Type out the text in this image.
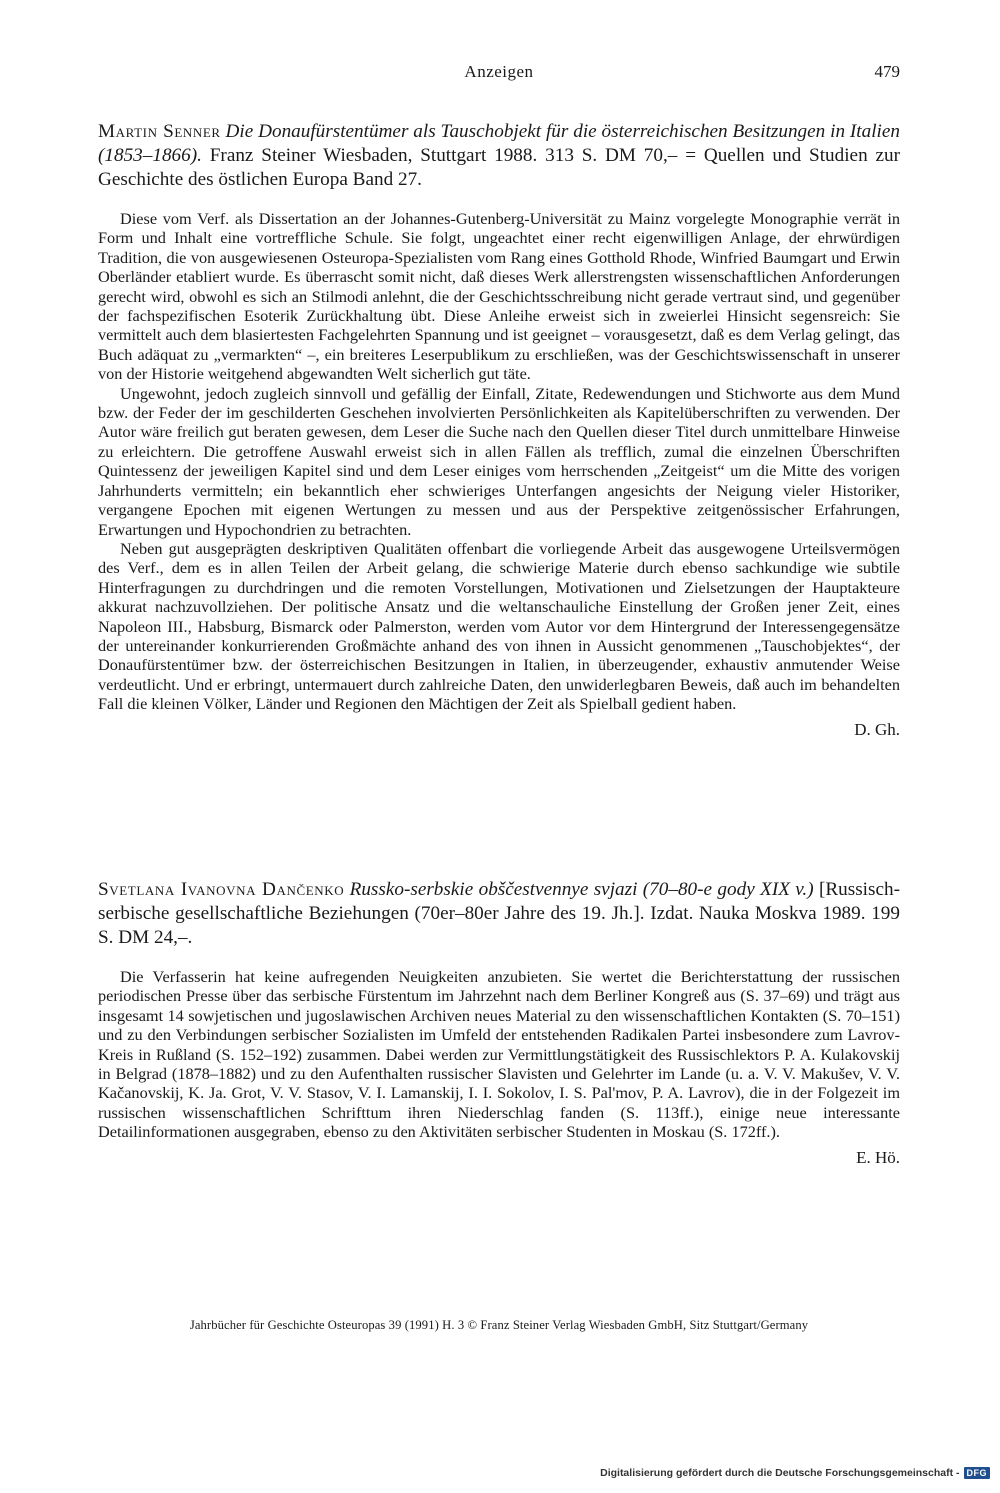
Anzeigen	479
Martin Senner Die Donaufürstentümer als Tauschobjekt für die österreichischen Besitzungen in Italien (1853–1866). Franz Steiner Wiesbaden, Stuttgart 1988. 313 S. DM 70,– = Quellen und Studien zur Geschichte des östlichen Europa Band 27.

Diese vom Verf. als Dissertation an der Johannes-Gutenberg-Universität zu Mainz vorgelegte Monographie verrät in Form und Inhalt eine vortreffliche Schule. Sie folgt, ungeachtet einer recht eigenwilligen Anlage, der ehrwürdigen Tradition, die von ausgewiesenen Osteuropa-Spezialisten vom Rang eines Gotthold Rhode, Winfried Baumgart und Erwin Oberländer etabliert wurde. Es überrascht somit nicht, daß dieses Werk allerstrengsten wissenschaftlichen Anforderungen gerecht wird, obwohl es sich an Stilmodi anlehnt, die der Geschichtsschreibung nicht gerade vertraut sind, und gegenüber der fachspezifischen Esoterik Zurückhaltung übt. Diese Anleihe erweist sich in zweierlei Hinsicht segensreich: Sie vermittelt auch dem blasiertesten Fachgelehrten Spannung und ist geeignet – vorausgesetzt, daß es dem Verlag gelingt, das Buch adäquat zu „vermarkten“ –, ein breiteres Leserpublikum zu erschließen, was der Geschichtswissenschaft in unserer von der Historie weitgehend abgewandten Welt sicherlich gut täte.

Ungewohnt, jedoch zugleich sinnvoll und gefällig der Einfall, Zitate, Redewendungen und Stichworte aus dem Mund bzw. der Feder der im geschilderten Geschehen involvierten Persönlichkeiten als Kapitelüberschriften zu verwenden. Der Autor wäre freilich gut beraten gewesen, dem Leser die Suche nach den Quellen dieser Titel durch unmittelbare Hinweise zu erleichtern. Die getroffene Auswahl erweist sich in allen Fällen als trefflich, zumal die einzelnen Überschriften Quintessenz der jeweiligen Kapitel sind und dem Leser einiges vom herrschenden „Zeitgeist“ um die Mitte des vorigen Jahrhunderts vermitteln; ein bekanntlich eher schwieriges Unterfangen angesichts der Neigung vieler Historiker, vergangene Epochen mit eigenen Wertungen zu messen und aus der Perspektive zeitgenössischer Erfahrungen, Erwartungen und Hypochondrien zu betrachten.

Neben gut ausgeprägten deskriptiven Qualitäten offenbart die vorliegende Arbeit das ausgewogene Urteilsvermögen des Verf., dem es in allen Teilen der Arbeit gelang, die schwierige Materie durch ebenso sachkundige wie subtile Hinterfragungen zu durchdringen und die remoten Vorstellungen, Motivationen und Zielsetzungen der Hauptakteure akkurat nachzuvollziehen. Der politische Ansatz und die weltanschauliche Einstellung der Großen jener Zeit, eines Napoleon III., Habsburg, Bismarck oder Palmerston, werden vom Autor vor dem Hintergrund der Interessengegensätze der untereinander konkurrierenden Großmächte anhand des von ihnen in Aussicht genommenen „Tauschobjektes“, der Donaufürstentümer bzw. der österreichischen Besitzungen in Italien, in überzeugender, exhaustiv anmutender Weise verdeutlicht. Und er erbringt, untermauert durch zahlreiche Daten, den unwiderlegbaren Beweis, daß auch im behandelten Fall die kleinen Völker, Länder und Regionen den Mächtigen der Zeit als Spielball gedient haben.

D. Gh.
Svetlana Ivanovna Dančenko Russko-serbskie obščestvennye svjazi (70–80-e gody XIX v.) [Russisch-serbische gesellschaftliche Beziehungen (70er–80er Jahre des 19. Jh.]. Izdat. Nauka Moskva 1989. 199 S. DM 24,–.

Die Verfasserin hat keine aufregenden Neuigkeiten anzubieten. Sie wertet die Berichterstattung der russischen periodischen Presse über das serbische Fürstentum im Jahrzehnt nach dem Berliner Kongreß aus (S. 37–69) und trägt aus insgesamt 14 sowjetischen und jugoslawischen Archiven neues Material zu den wissenschaftlichen Kontakten (S. 70–151) und zu den Verbindungen serbischer Sozialisten im Umfeld der entstehenden Radikalen Partei insbesondere zum Lavrov-Kreis in Rußland (S. 152–192) zusammen. Dabei werden zur Vermittlungstätigkeit des Russischlektors P. A. Kulakovskij in Belgrad (1878–1882) und zu den Aufenthalten russischer Slavisten und Gelehrter im Lande (u. a. V. V. Makušev, V. V. Kačanovskij, K. Ja. Grot, V. V. Stasov, V. I. Lamanskij, I. I. Sokolov, I. S. Pal'mov, P. A. Lavrov), die in der Folgezeit im russischen wissenschaftlichen Schrifttum ihren Niederschlag fanden (S. 113ff.), einige neue interessante Detailinformationen ausgegraben, ebenso zu den Aktivitäten serbischer Studenten in Moskau (S. 172ff.).

E. Hö.
Jahrbücher für Geschichte Osteuropas 39 (1991) H. 3 © Franz Steiner Verlag Wiesbaden GmbH, Sitz Stuttgart/Germany
Digitalisierung gefördert durch die Deutsche Forschungsgemeinschaft - DFG
